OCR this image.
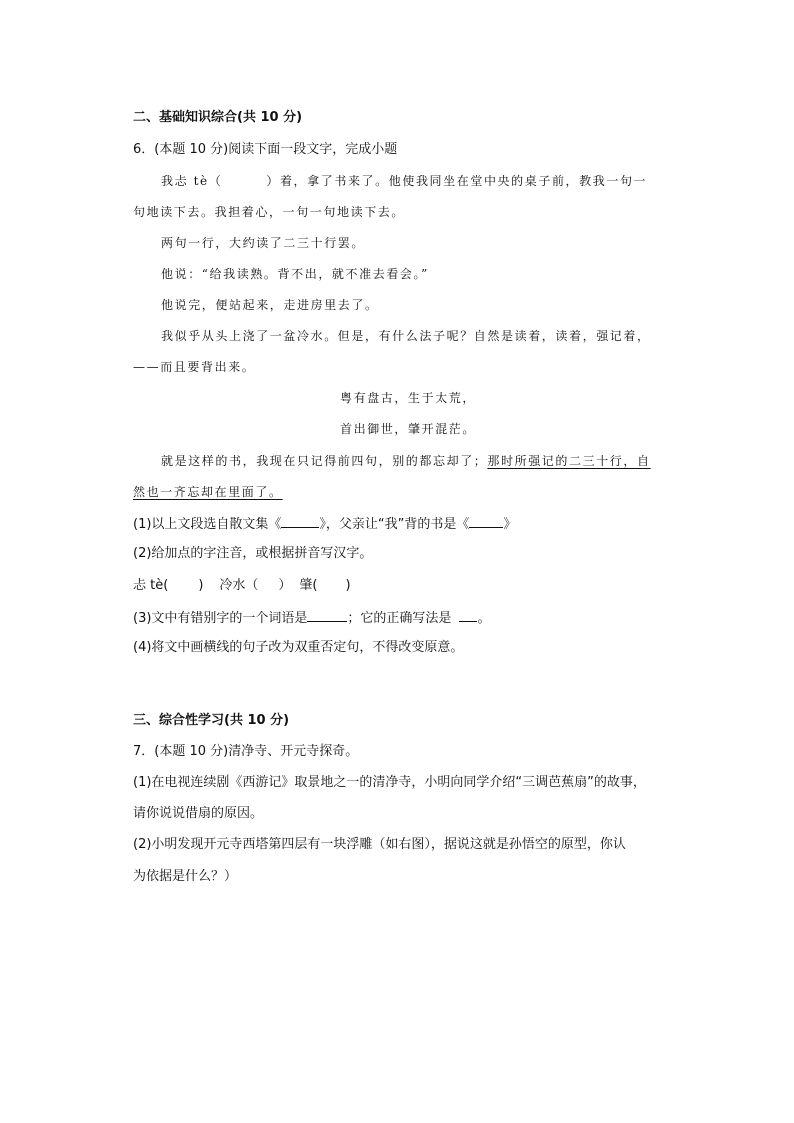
二、基础知识综合(共 10 分)
6．(本题 10 分)阅读下面一段文字，完成小题
我忐 tè（	）着，拿了书来了。他使我同坐在堂中央的桌子前，教我一句一
句地读下去。我担着心，一句一句地读下去。
两句一行，大约读了二三十行罢。
他说：“给我读熟。背不出，就不准去看会。”
他说完，便站起来，走进房里去了。
我似乎从头上浇了一盆冷水。但是，有什么法子呢？自然是读着，读着，强记着，
——而且要背出来。
粤有盘古，生于太荒，
首出御世，肇开混茫。
就是这样的书，我现在只记得前四句，别的都忘却了；那时所强记的二三十行，自
然也一齐忘却在里面了。
(1)以上文段选自散文集《	》，父亲让“我”背的书是《	》
(2)给加点的字注音，或根据拼音写汉字。
忐 tè( ) 冷水（ ） 肇( )
(3)文中有错别字的一个词语是	；它的正确写法是 。
(4)将文中画横线的句子改为双重否定句，不得改变原意。
三、综合性学习(共 10 分)
7．(本题 10 分)清净寺、开元寺探奇。
(1)在电视连续剧《西游记》取景地之一的清净寺，小明向同学介绍“三调芭蕉扇”的故事，
请你说说借扇的原因。
(2)小明发现开元寺西塔第四层有一块浮雕（如右图），据说这就是孙悟空的原型，你认
为依据是什么？）
